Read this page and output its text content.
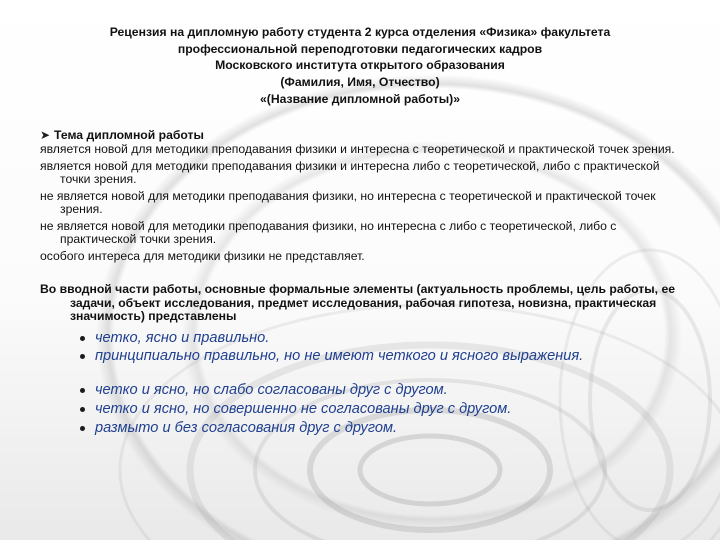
Рецензия на дипломную работу студента 2 курса отделения «Физика» факультета
профессиональной переподготовки педагогических кадров
Московского института открытого образования
(Фамилия, Имя, Отчество)
«(Название дипломной работы)»
➤ Тема дипломной работы
является новой для методики преподавания физики и интересна с теоретической и практической точек зрения.
является новой для методики преподавания физики и интересна либо с теоретической, либо с практической точки зрения.
не является новой для методики преподавания физики, но интересна с теоретической и практической точек зрения.
не является новой для методики преподавания физики, но интересна с либо с теоретической, либо с практической точки зрения.
особого интереса для методики физики не представляет.
Во вводной части работы, основные формальные элементы (актуальность проблемы, цель работы, ее задачи, объект исследования, предмет исследования, рабочая гипотеза, новизна, практическая значимость) представлены
четко, ясно и правильно.
принципиально правильно, но не имеют четкого и ясного выражения.
четко и ясно, но слабо согласованы друг с другом.
четко и ясно, но совершенно не согласованы друг с другом.
размыто и без согласования друг с другом.
